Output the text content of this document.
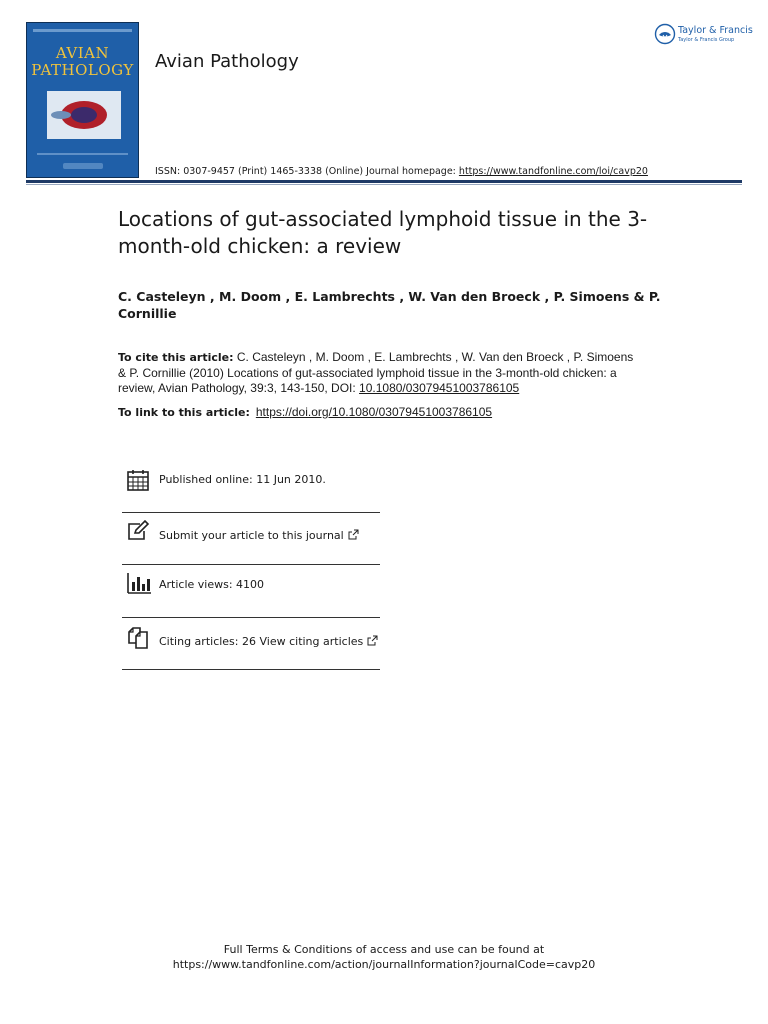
AVIAN
PATHOLOGY Avian Pathology
Taylor & Francis
Taylor & Francis Group
ISSN: 0307-9457 (Print) 1465-3338 (Online) Journal homepage: https://www.tandfonline.com/loi/cavp20
Locations of gut-associated lymphoid tissue in the 3-month-old chicken: a review
C. Casteleyn , M. Doom , E. Lambrechts , W. Van den Broeck , P. Simoens & P. Cornillie
To cite this article: C. Casteleyn , M. Doom , E. Lambrechts , W. Van den Broeck , P. Simoens & P. Cornillie (2010) Locations of gut-associated lymphoid tissue in the 3-month-old chicken: a review, Avian Pathology, 39:3, 143-150, DOI: 10.1080/03079451003786105
To link to this article: https://doi.org/10.1080/03079451003786105
Published online: 11 Jun 2010.
Submit your article to this journal
Article views: 4100
Citing articles: 26 View citing articles
Full Terms & Conditions of access and use can be found at
https://www.tandfonline.com/action/journalInformation?journalCode=cavp20
